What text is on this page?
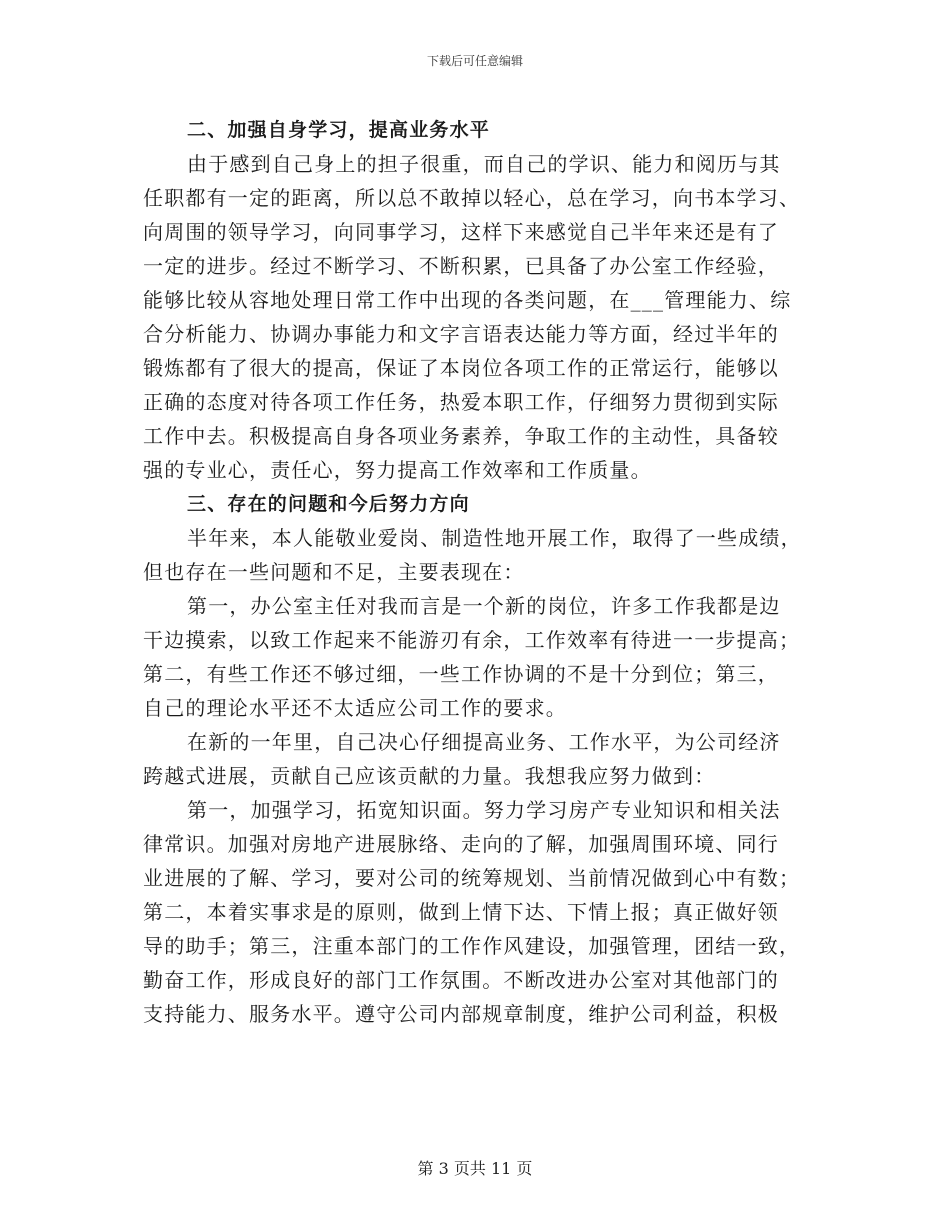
下载后可任意编辑
二、加强自身学习，提高业务水平
由于感到自己身上的担子很重，而自己的学识、能力和阅历与其
任职都有一定的距离，所以总不敢掉以轻心，总在学习，向书本学习、
向周围的领导学习，向同事学习，这样下来感觉自己半年来还是有了
一定的进步。经过不断学习、不断积累，已具备了办公室工作经验，
能够比较从容地处理日常工作中出现的各类问题，在___管理能力、综
合分析能力、协调办事能力和文字言语表达能力等方面，经过半年的
锻炼都有了很大的提高，保证了本岗位各项工作的正常运行，能够以
正确的态度对待各项工作任务，热爱本职工作，仔细努力贯彻到实际
工作中去。积极提高自身各项业务素养，争取工作的主动性，具备较
强的专业心，责任心，努力提高工作效率和工作质量。
三、存在的问题和今后努力方向
半年来，本人能敬业爱岗、制造性地开展工作，取得了一些成绩，
但也存在一些问题和不足，主要表现在：
第一，办公室主任对我而言是一个新的岗位，许多工作我都是边
干边摸索，以致工作起来不能游刃有余，工作效率有待进一一步提高；
第二，有些工作还不够过细，一些工作协调的不是十分到位；第三，
自己的理论水平还不太适应公司工作的要求。
在新的一年里，自己决心仔细提高业务、工作水平，为公司经济
跨越式进展，贡献自己应该贡献的力量。我想我应努力做到：
第一，加强学习，拓宽知识面。努力学习房产专业知识和相关法
律常识。加强对房地产进展脉络、走向的了解，加强周围环境、同行
业进展的了解、学习，要对公司的统筹规划、当前情况做到心中有数；
第二，本着实事求是的原则，做到上情下达、下情上报；真正做好领
导的助手；第三，注重本部门的工作作风建设，加强管理，团结一致，
勤奋工作，形成良好的部门工作氛围。不断改进办公室对其他部门的
支持能力、服务水平。遵守公司内部规章制度，维护公司利益，积极
第 3 页共 11 页
